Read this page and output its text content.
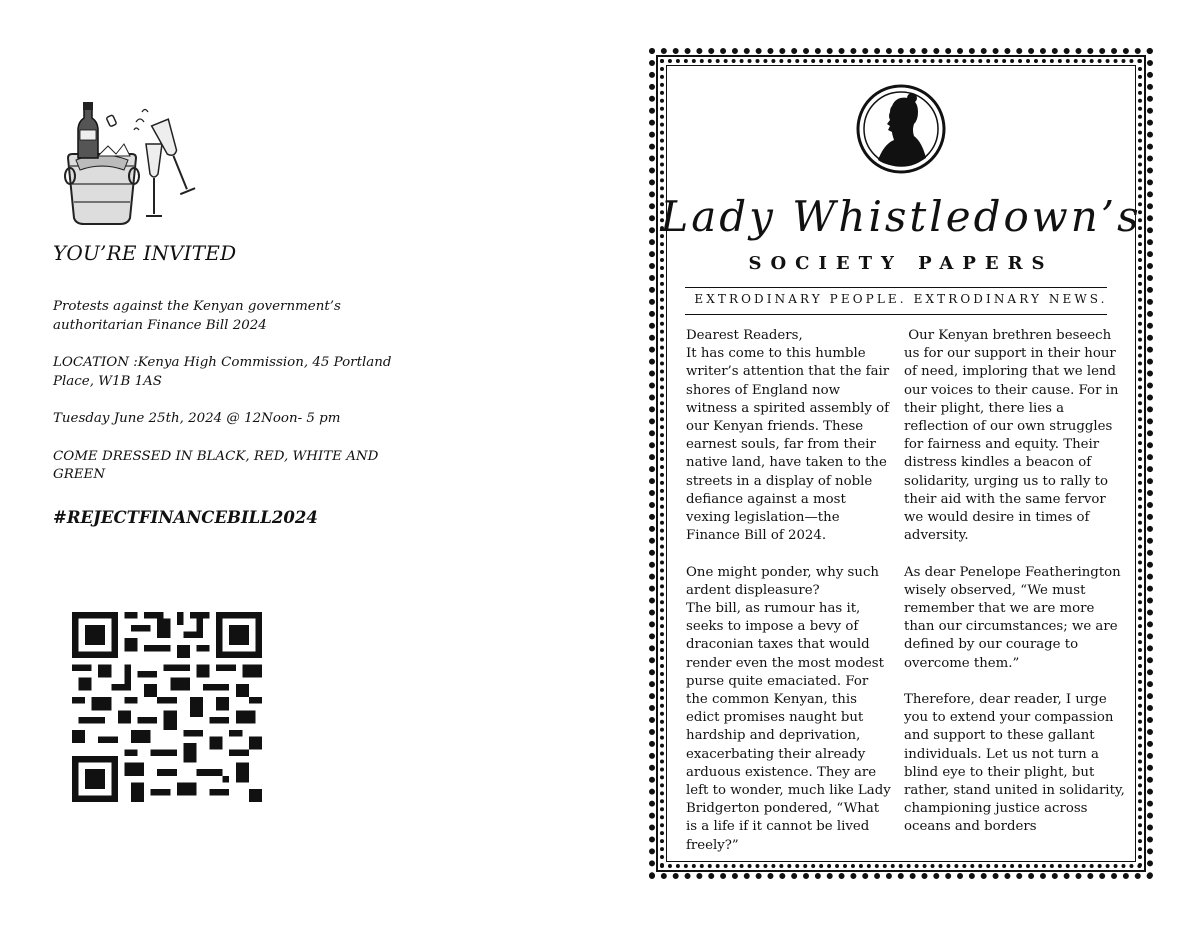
YOU’RE INVITED

Protests against the Kenyan government’s authoritarian Finance Bill 2024

LOCATION :Kenya High Commission, 45 Portland Place, W1B 1AS

Tuesday June 25th, 2024 @ 12Noon- 5 pm

COME DRESSED IN BLACK, RED, WHITE AND GREEN

#REJECTFINANCEBILL2024
Lady Whistledown’s
SOCIETY PAPERS
EXTRODINARY PEOPLE. EXTRODINARY NEWS.
Dearest Readers,
It has come to this humble writer’s attention that the fair shores of England now witness a spirited assembly of our Kenyan friends. These earnest souls, far from their native land, have taken to the streets in a display of noble defiance against a most vexing legislation—the Finance Bill of 2024.

One might ponder, why such ardent displeasure?
The bill, as rumour has it, seeks to impose a bevy of draconian taxes that would render even the most modest purse quite emaciated. For the common Kenyan, this edict promises naught but hardship and deprivation, exacerbating their already arduous existence. They are left to wonder, much like Lady Bridgerton pondered, “What is a life if it cannot be lived freely?”
Our Kenyan brethren beseech us for our support in their hour of need, imploring that we lend our voices to their cause. For in their plight, there lies a reflection of our own struggles for fairness and equity. Their distress kindles a beacon of solidarity, urging us to rally to their aid with the same fervor we would desire in times of adversity.

As dear Penelope Featherington wisely observed, “We must remember that we are more than our circumstances; we are defined by our courage to overcome them.”

Therefore, dear reader, I urge you to extend your compassion and support to these gallant individuals. Let us not turn a blind eye to their plight, but rather, stand united in solidarity, championing justice across oceans and borders
